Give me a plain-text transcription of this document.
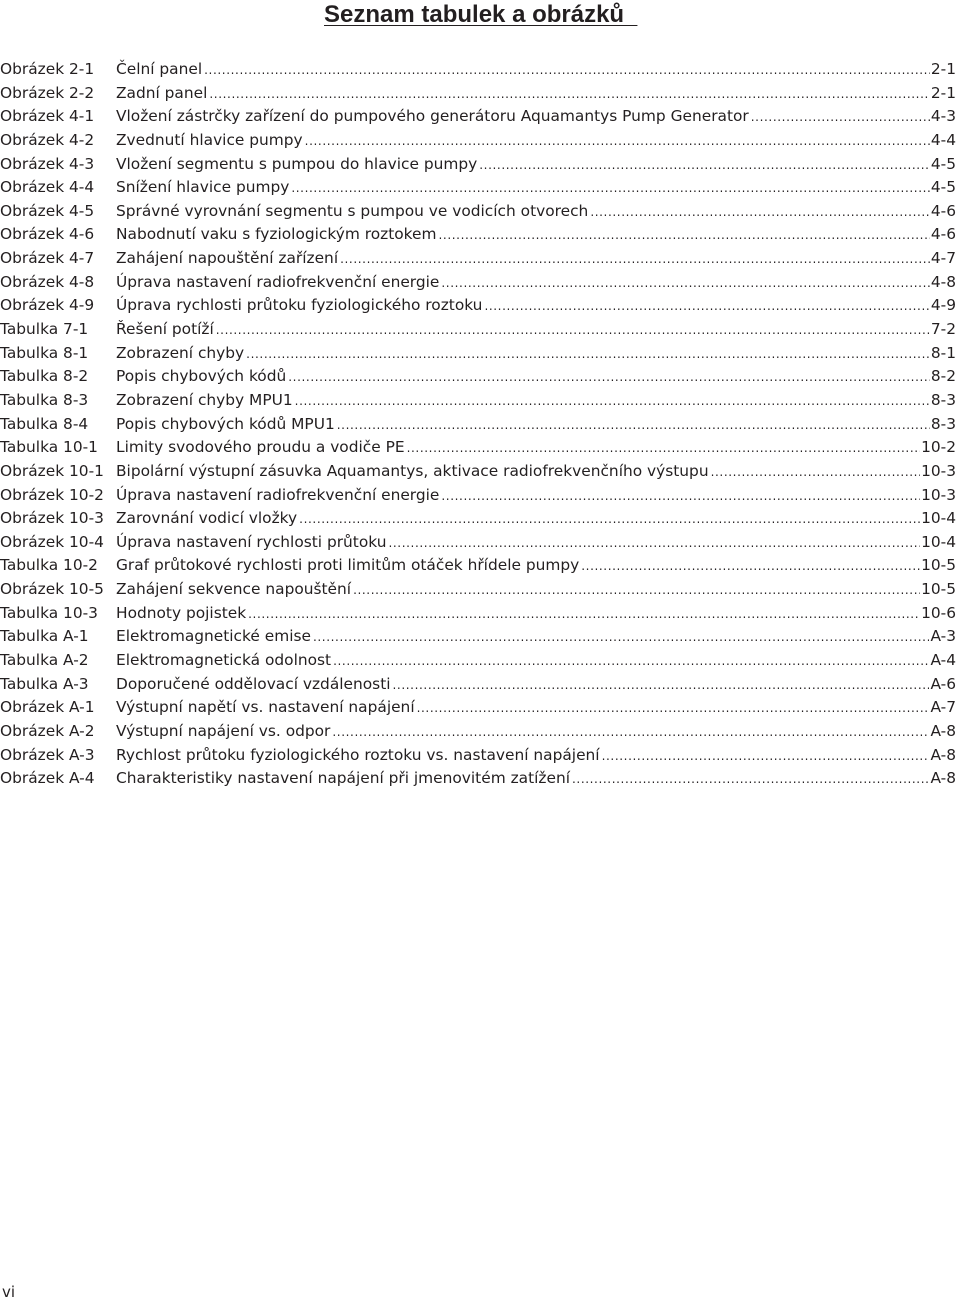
Seznam tabulek a obrázků
Obrázek 2-1	Čelní panel .....	2-1
Obrázek 2-2	Zadní panel .....	2-1
Obrázek 4-1	Vložení zástrčky zařízení do pumpového generátoru Aquamantys Pump Generator .....	4-3
Obrázek 4-2	Zvednutí hlavice pumpy .....	4-4
Obrázek 4-3	Vložení segmentu s pumpou do hlavice pumpy .....	4-5
Obrázek 4-4	Snížení hlavice pumpy .....	4-5
Obrázek 4-5	Správné vyrovnání segmentu s pumpou ve vodicích otvorech .....	4-6
Obrázek 4-6	Nabodnutí vaku s fyziologickým roztokem .....	4-6
Obrázek 4-7	Zahájení napouštění zařízení .....	4-7
Obrázek 4-8	Úprava nastavení radiofrekvenční energie .....	4-8
Obrázek 4-9	Úprava rychlosti průtoku fyziologického roztoku .....	4-9
Tabulka 7-1	Řešení potíží .....	7-2
Tabulka 8-1	Zobrazení chyby .....	8-1
Tabulka 8-2	Popis chybových kódů .....	8-2
Tabulka 8-3	Zobrazení chyby MPU1 .....	8-3
Tabulka 8-4	Popis chybových kódů MPU1 .....	8-3
Tabulka 10-1	Limity svodového proudu a vodiče PE .....	10-2
Obrázek 10-1 Bipolární výstupní zásuvka Aquamantys, aktivace radiofrekvenčního výstupu .....	10-3
Obrázek 10-2 Úprava nastavení radiofrekvenční energie .....	10-3
Obrázek 10-3 Zarovnání vodicí vložky .....	10-4
Obrázek 10-4 Úprava nastavení rychlosti průtoku .....	10-4
Tabulka 10-2	Graf průtokové rychlosti proti limitům otáček hřídele pumpy .....	10-5
Obrázek 10-5 Zahájení sekvence napouštění .....	10-5
Tabulka 10-3	Hodnoty pojistek .....	10-6
Tabulka A-1	Elektromagnetické emise .....	A-3
Tabulka A-2	Elektromagnetická odolnost .....	A-4
Tabulka A-3	Doporučené oddělovací vzdálenosti .....	A-6
Obrázek A-1	Výstupní napětí vs. nastavení napájení .....	A-7
Obrázek A-2	Výstupní napájení vs. odpor .....	A-8
Obrázek A-3	Rychlost průtoku fyziologického roztoku vs. nastavení napájení .....	A-8
Obrázek A-4	Charakteristiky nastavení napájení při jmenovitém zatížení .....	A-8
vi
